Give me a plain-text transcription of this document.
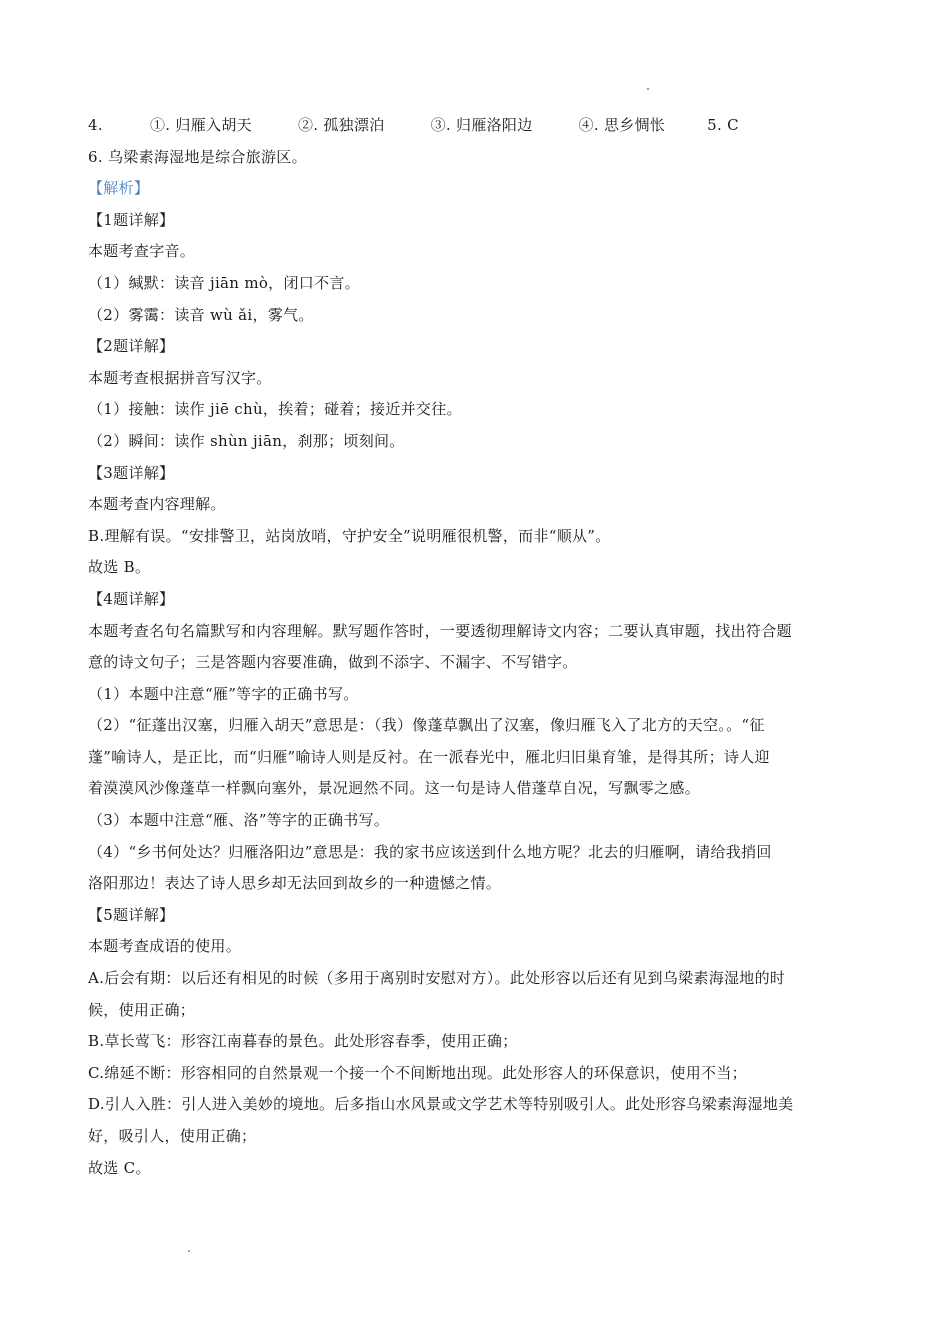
4.	①. 归雁入胡天	②. 孤独漂泊	③. 归雁洛阳边	④. 思乡惆怅	5. C
6. 乌梁素海湿地是综合旅游区。
【解析】
【1题详解】
本题考查字音。
（1）缄默：读音 jiān mò，闭口不言。
（2）雾霭：读音 wù ǎi，雾气。
【2题详解】
本题考查根据拼音写汉字。
（1）接触：读作 jiē chù，挨着；碰着；接近并交往。
（2）瞬间：读作 shùn jiān，刹那；顷刻间。
【3题详解】
本题考查内容理解。
B.理解有误。“安排警卫，站岗放哨，守护安全”说明雁很机警，而非“顺从”。
故选 B。
【4题详解】
本题考查名句名篇默写和内容理解。默写题作答时，一要透彻理解诗文内容；二要认真审题，找出符合题
意的诗文句子；三是答题内容要准确，做到不添字、不漏字、不写错字。
（1）本题中注意“雁”等字的正确书写。
（2）“征蓬出汉塞，归雁入胡天”意思是：（我）像蓬草飘出了汉塞，像归雁飞入了北方的天空。。“征
蓬”喻诗人，是正比，而“归雁”喻诗人则是反衬。在一派春光中，雁北归旧巢育雏，是得其所；诗人迎
着漠漠风沙像蓬草一样飘向塞外，景况迥然不同。这一句是诗人借蓬草自况，写飘零之感。
（3）本题中注意“雁、洛”等字的正确书写。
（4）“乡书何处达？归雁洛阳边”意思是：我的家书应该送到什么地方呢？北去的归雁啊，请给我捎回
洛阳那边！表达了诗人思乡却无法回到故乡的一种遗憾之情。
【5题详解】
本题考查成语的使用。
A.后会有期：以后还有相见的时候（多用于离别时安慰对方）。此处形容以后还有见到乌梁素海湿地的时
候，使用正确；
B.草长莺飞：形容江南暮春的景色。此处形容春季，使用正确；
C.绵延不断：形容相同的自然景观一个接一个不间断地出现。此处形容人的环保意识，使用不当；
D.引人入胜：引人进入美妙的境地。后多指山水风景或文学艺术等特别吸引人。此处形容乌梁素海湿地美
好，吸引人，使用正确；
故选 C。
